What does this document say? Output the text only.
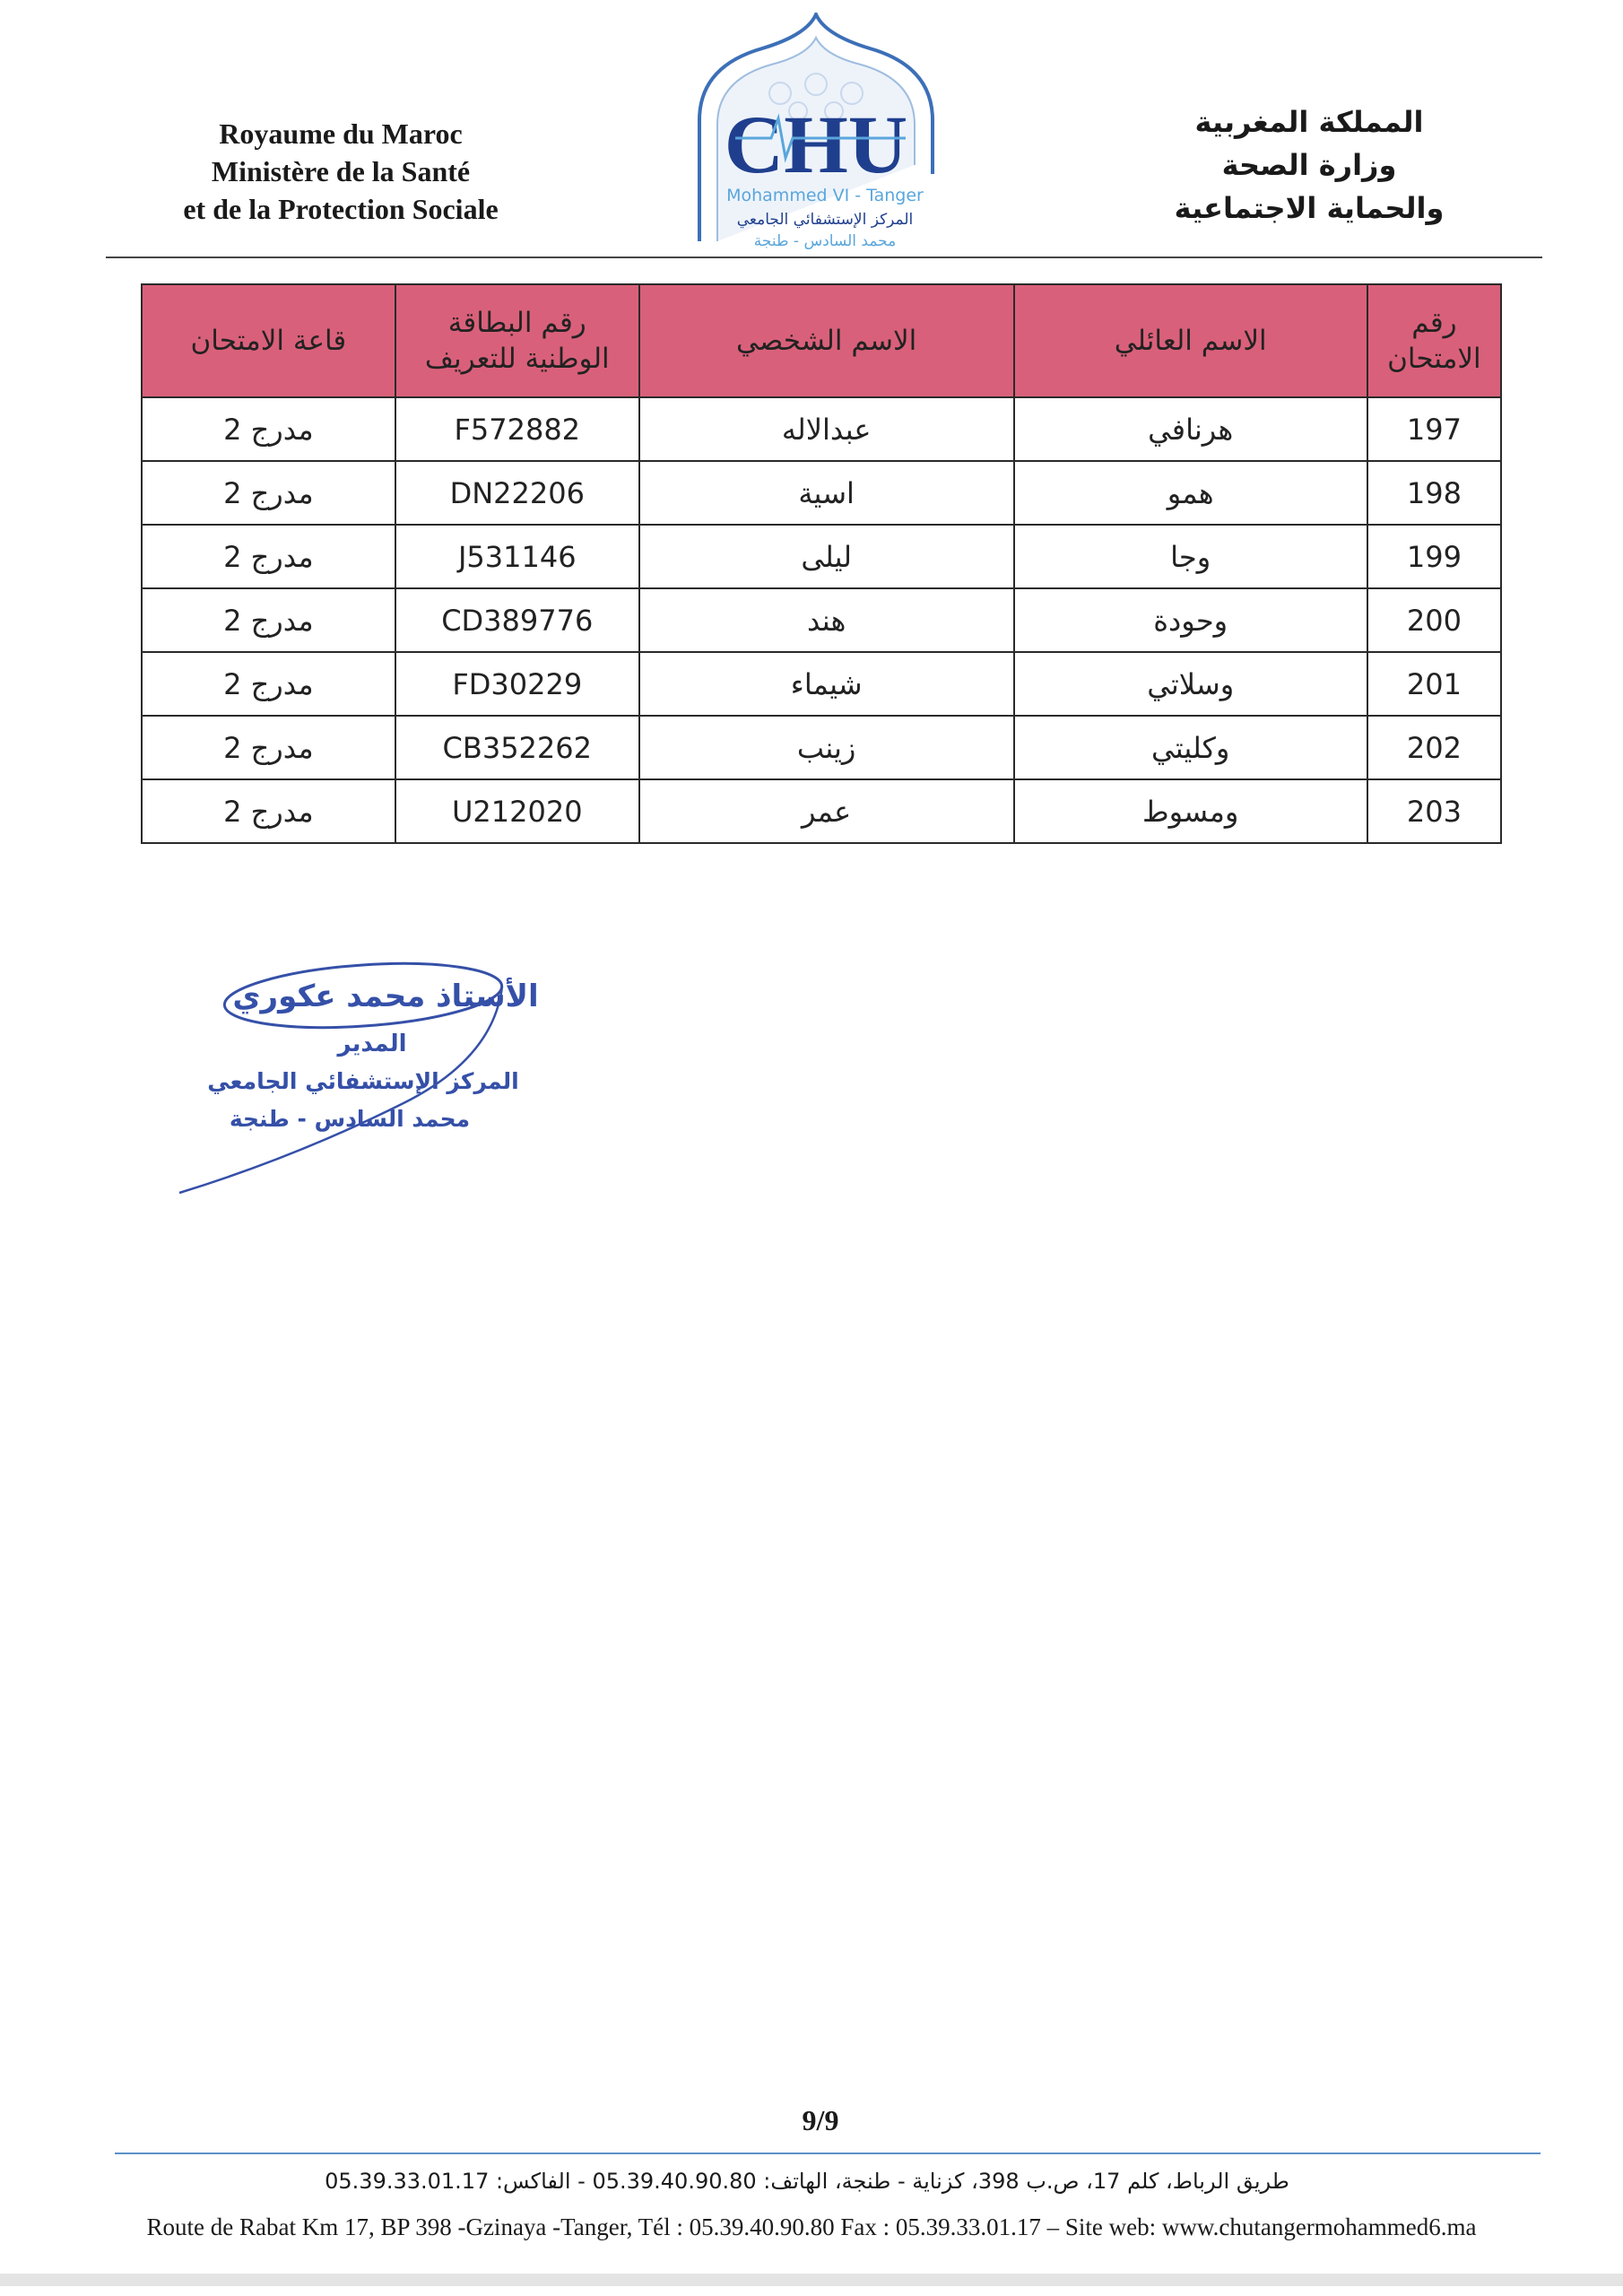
Royaume du Maroc
Ministère de la Santé
et de la Protection Sociale
المملكة المغربية
وزارة الصحة
والحماية الاجتماعية
CHU
Mohammed VI - Tanger
المركز الإستشفائي الجامعي
محمد السادس - طنجة
رقم الامتحان	الاسم العائلي	الاسم الشخصي	رقم البطاقة الوطنية للتعريف	قاعة الامتحان
197	هرنافي	عبدالاله	F572882	مدرج 2
198	همو	اسية	DN22206	مدرج 2
199	وجا	ليلى	J531146	مدرج 2
200	وحودة	هند	CD389776	مدرج 2
201	وسلاتي	شيماء	FD30229	مدرج 2
202	وكليتي	زينب	CB352262	مدرج 2
203	ومسوط	عمر	U212020	مدرج 2
الأستاذ محمد عكوري
المدير
المركز الإستشفائي الجامعي
محمد السادس - طنجة
9/9
طريق الرباط، كلم 17، ص.ب 398، كزناية - طنجة، الهاتف: 05.39.40.90.80 - الفاكس: 05.39.33.01.17
Route de Rabat Km 17, BP 398 -Gzinaya -Tanger, Tél : 05.39.40.90.80 Fax : 05.39.33.01.17 – Site web: www.chutangermohammed6.ma
